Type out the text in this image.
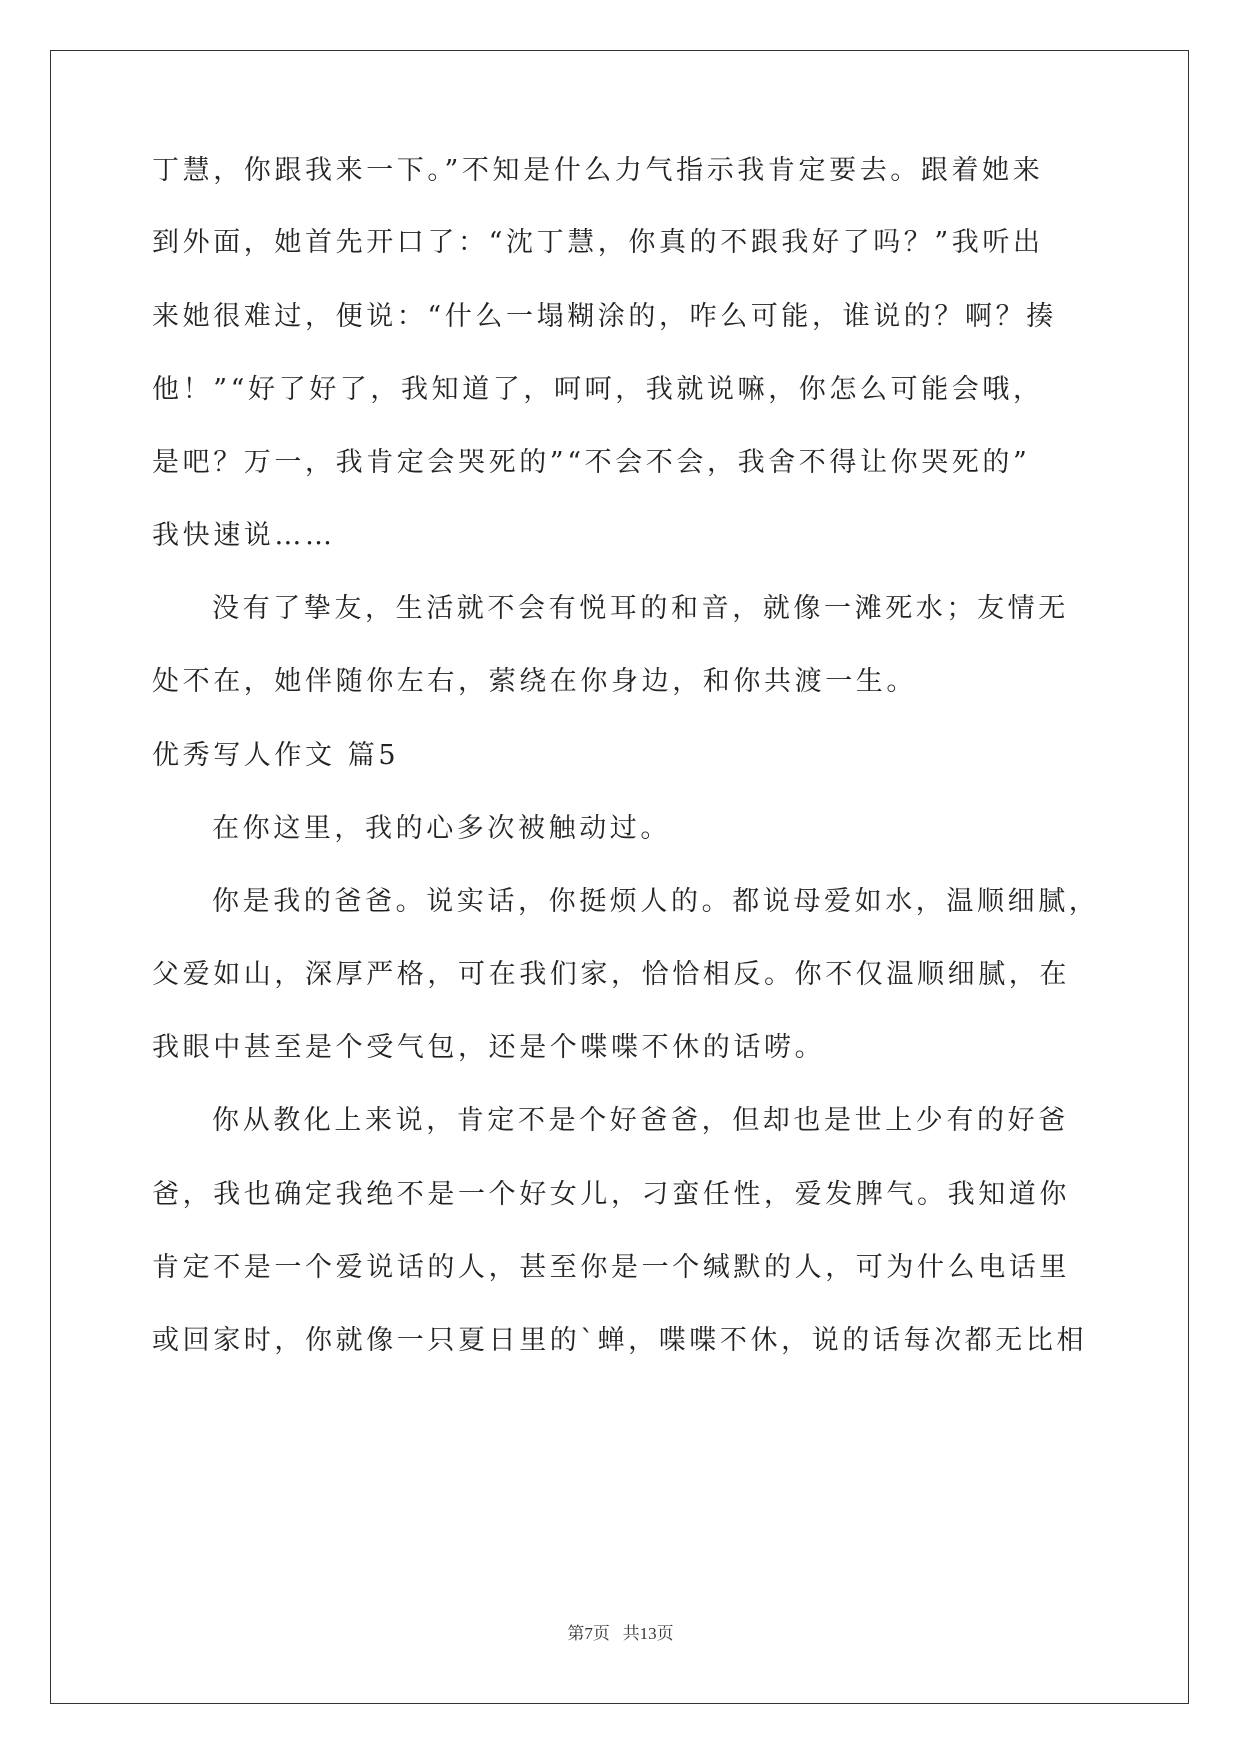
丁慧，你跟我来一下。”不知是什么力气指示我肯定要去。跟着她来
到外面，她首先开口了：“沈丁慧，你真的不跟我好了吗？”我听出
来她很难过，便说：“什么一塌糊涂的，咋么可能，谁说的？啊？揍
他！”“好了好了，我知道了，呵呵，我就说嘛，你怎么可能会哦，
是吧？万一，我肯定会哭死的”“不会不会，我舍不得让你哭死的”
我快速说……
没有了挚友，生活就不会有悦耳的和音，就像一滩死水；友情无
处不在，她伴随你左右，萦绕在你身边，和你共渡一生。
优秀写人作文 篇5
在你这里，我的心多次被触动过。
你是我的爸爸。说实话，你挺烦人的。都说母爱如水，温顺细腻，
父爱如山，深厚严格，可在我们家，恰恰相反。你不仅温顺细腻，在
我眼中甚至是个受气包，还是个喋喋不休的话唠。
你从教化上来说，肯定不是个好爸爸，但却也是世上少有的好爸
爸，我也确定我绝不是一个好女儿，刁蛮任性，爱发脾气。我知道你
肯定不是一个爱说话的人，甚至你是一个缄默的人，可为什么电话里
或回家时，你就像一只夏日里的`蝉，喋喋不休，说的话每次都无比相
第7页   共13页
